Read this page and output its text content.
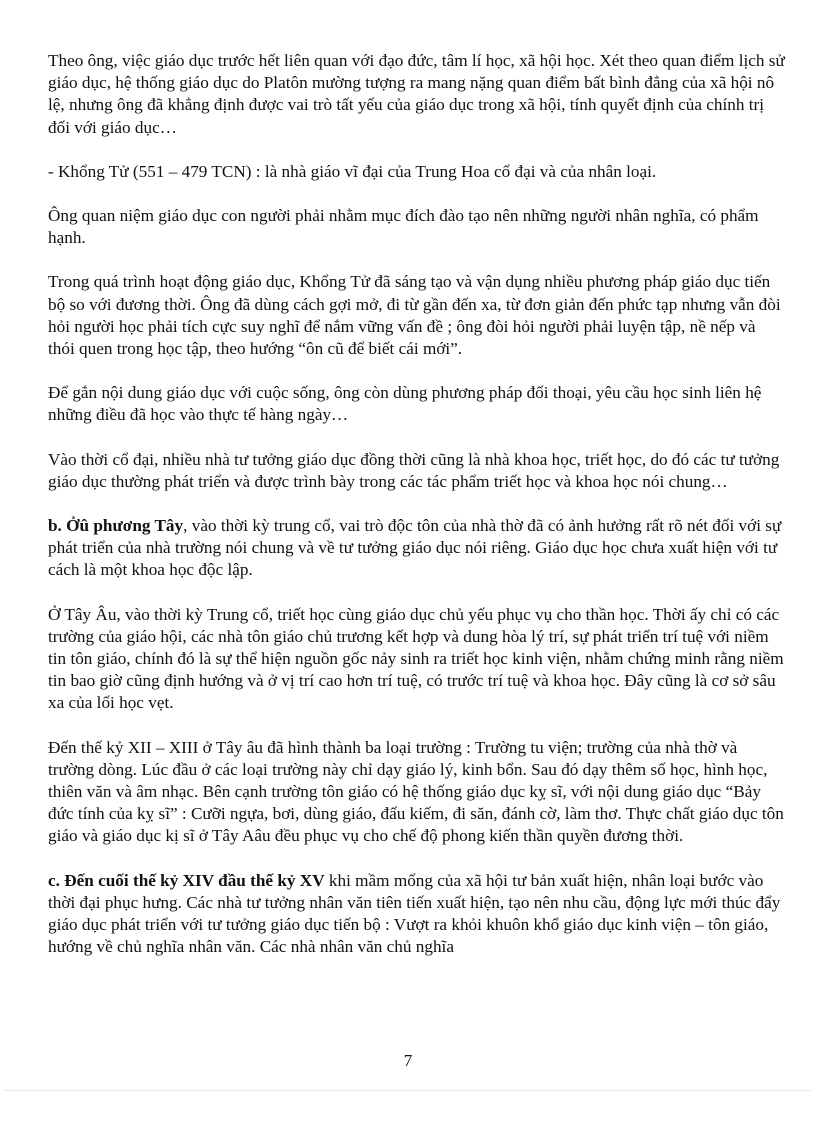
Theo ông, việc giáo dục trước hết liên quan với đạo đức, tâm lí học, xã hội học. Xét theo quan điểm lịch sử giáo dục, hệ thống giáo dục do Platôn mường tượng ra mang nặng quan điểm bất bình đẳng của xã hội nô lệ, nhưng ông đã khẳng định được vai trò tất yếu của giáo dục trong xã hội, tính quyết định của chính trị đối với giáo dục…

- Khổng Tử (551 – 479 TCN) : là nhà giáo vĩ đại của Trung Hoa cổ đại và của nhân loại.

Ông quan niệm giáo dục con người phải nhằm mục đích đào tạo nên những người nhân nghĩa, có phẩm hạnh.

Trong quá trình hoạt động giáo dục, Khổng Tử đã sáng tạo và vận dụng nhiều phương pháp giáo dục tiến bộ so với đương thời. Ông đã dùng cách gợi mở, đi từ gần đến xa, từ đơn giản đến phức tạp nhưng vẫn đòi hỏi người học phải tích cực suy nghĩ để nắm vững vấn đề ; ông đòi hỏi người phải luyện tập, nề nếp và thói quen trong học tập, theo hướng “ôn cũ để biết cái mới”.

Để gắn nội dung giáo dục với cuộc sống, ông còn dùng phương pháp đối thoại, yêu cầu học sinh liên hệ những điều đã học vào thực tế hàng ngày…

Vào thời cổ đại, nhiều nhà tư tưởng giáo dục đồng thời cũng là nhà khoa học, triết học, do đó các tư tưởng giáo dục thường phát triển và được trình bày trong các tác phẩm triết học và khoa học nói chung…

b. Ởû phương Tây, vào thời kỳ trung cổ, vai trò độc tôn của nhà thờ đã có ảnh hưởng rất rõ nét đối với sự phát triển của nhà trường nói chung và về tư tưởng giáo dục nói riêng. Giáo dục học chưa xuất hiện với tư cách là một khoa học độc lập.

Ở Tây Âu, vào thời kỳ Trung cổ, triết học cùng giáo dục chủ yếu phục vụ cho thần học. Thời ấy chỉ có các trường của giáo hội, các nhà tôn giáo chủ trương kết hợp và dung hòa lý trí, sự phát triển trí tuệ với niềm tin tôn giáo, chính đó là sự thể hiện nguồn gốc nảy sinh ra triết học kinh viện, nhằm chứng minh rằng niềm tin bao giờ cũng định hướng và ở vị trí cao hơn trí tuệ, có trước trí tuệ và khoa học. Đây cũng là cơ sở sâu xa của lối học vẹt.

Đến thế kỷ XII – XIII ở Tây âu đã hình thành ba loại trường : Trường tu viện; trường của nhà thờ và trường dòng. Lúc đầu ở các loại trường này chỉ dạy giáo lý, kinh bổn. Sau đó dạy thêm số học, hình học, thiên văn và âm nhạc. Bên cạnh trường tôn giáo có hệ thống giáo dục kỵ sĩ, với nội dung giáo dục “Bảy đức tính của kỵ sĩ” : Cưỡi ngựa, bơi, dùng giáo, đấu kiếm, đi săn, đánh cờ, làm thơ. Thực chất giáo dục tôn giáo và giáo dục kị sĩ ở Tây Aâu đều phục vụ cho chế độ phong kiến thần quyền đương thời.

c. Đến cuối thế kỷ XIV đầu thế kỷ XV khi mầm mống của xã hội tư bản xuất hiện, nhân loại bước vào thời đại phục hưng. Các nhà tư tưởng nhân văn tiên tiến xuất hiện, tạo nên nhu cầu, động lực mới thúc đẩy giáo dục phát triển với tư tưởng giáo dục tiến bộ : Vượt ra khỏi khuôn khổ giáo dục kinh viện – tôn giáo, hướng về chủ nghĩa nhân văn. Các nhà nhân văn chủ nghĩa

7
